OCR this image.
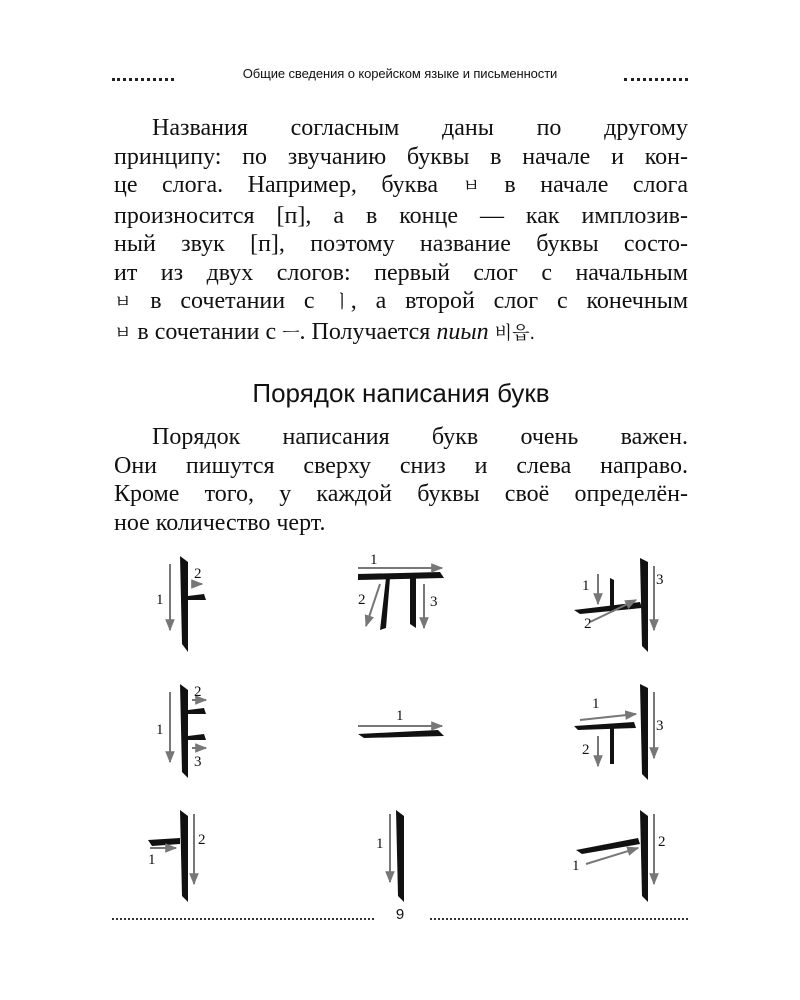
Общие сведения о корейском языке и письменности
Названия согласным даны по другому
принципу: по звучанию буквы в начале и кон-
це слога. Например, буква ㅂ в начале слога
произносится [п], а в конце — как имплозив-
ный звук [п], поэтому название буквы состо-
ит из двух слогов: первый слог с начальным
ㅂ в сочетании с ㅣ, а второй слог с конечным
ㅂ в сочетании с ㅡ. Получается пиып 비읍.
Порядок написания букв
Порядок написания букв очень важен.
Они пишутся сверху сниз и слева направо.
Кроме того, у каждой буквы своё определён-
ное количество черт.
1
2
1
2	3
1
2
3
1
2
3
1
1
2
3
1
2	1
1
2
9
